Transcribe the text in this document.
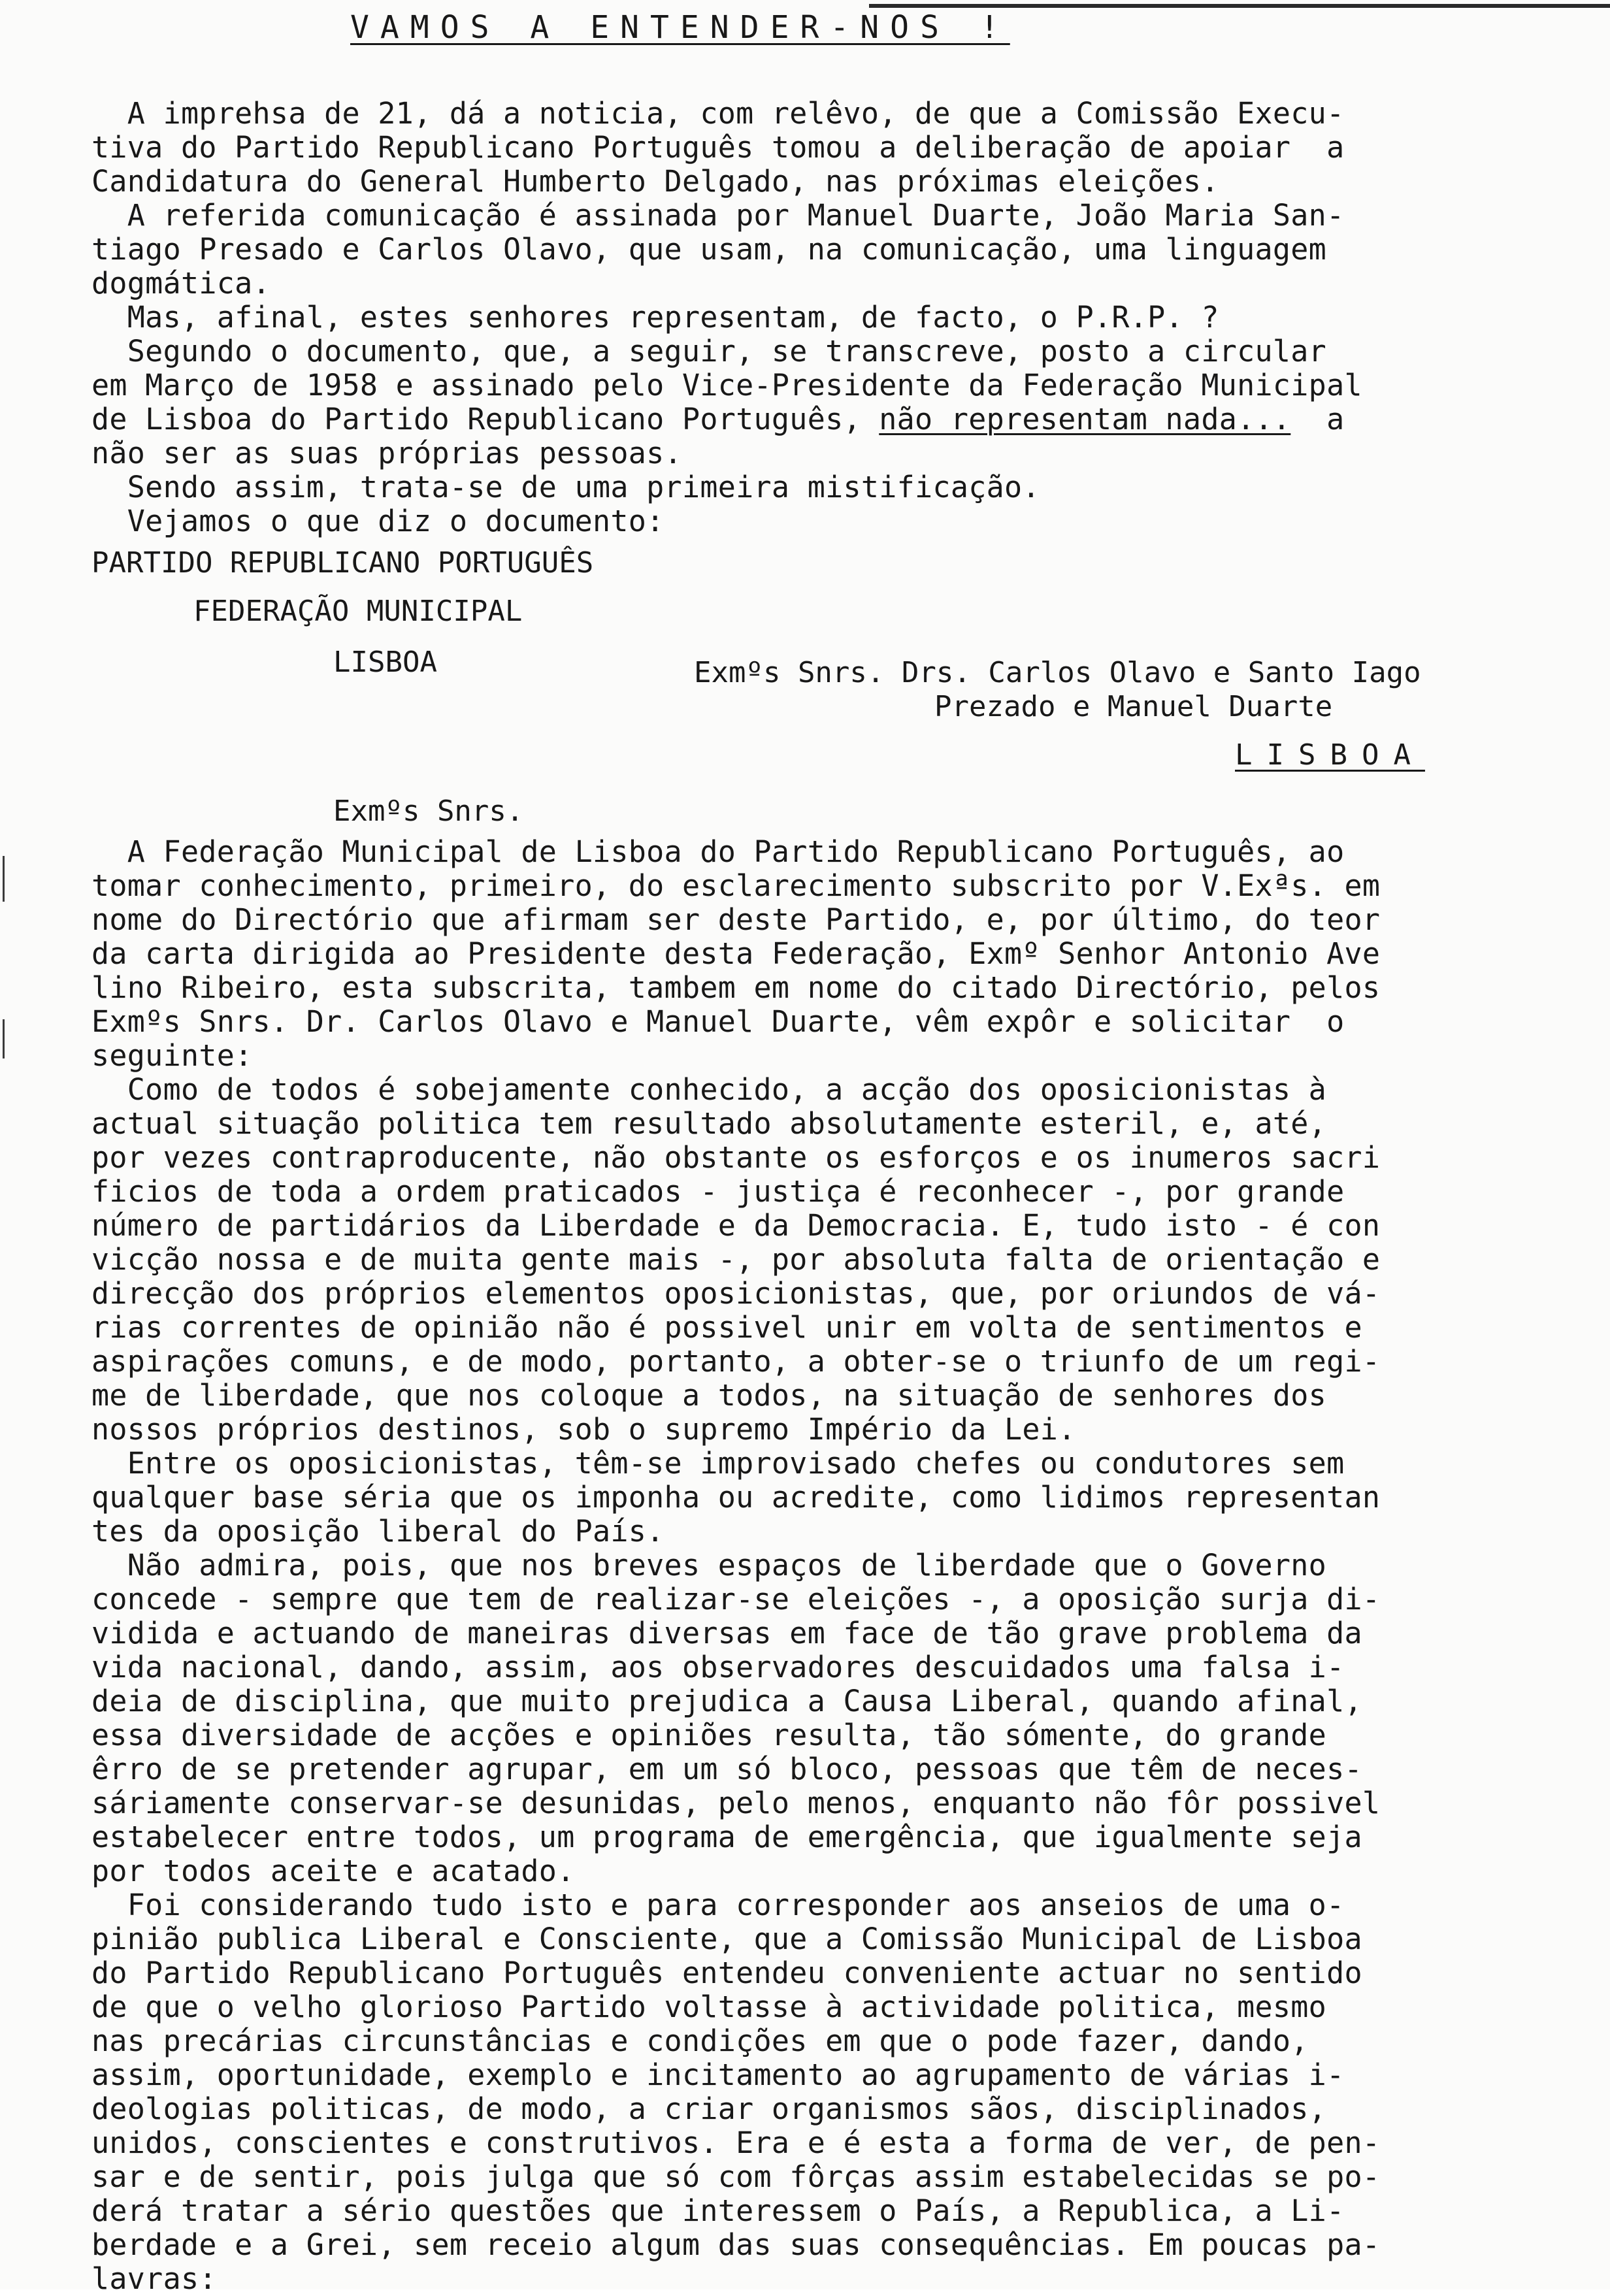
VAMOS A ENTENDER-NOS !
A imprehsa de 21, dá a noticia, com relêvo, de que a Comissão Execu-
tiva do Partido Republicano Português tomou a deliberação de apoiar  a
Candidatura do General Humberto Delgado, nas próximas eleições.
A referida comunicação é assinada por Manuel Duarte, João Maria San-
tiago Presado e Carlos Olavo, que usam, na comunicação, uma linguagem
dogmática.
Mas, afinal, estes senhores representam, de facto, o P.R.P. ?
Segundo o documento, que, a seguir, se transcreve, posto a circular
em Março de 1958 e assinado pelo Vice-Presidente da Federação Municipal
de Lisboa do Partido Republicano Português, não representam nada...  a
não ser as suas próprias pessoas.
Sendo assim, trata-se de uma primeira mistificação.
Vejamos o que diz o documento:
PARTIDO REPUBLICANO PORTUGUÊS
FEDERAÇÃO MUNICIPAL
LISBOA	Exmºs Snrs. Drs. Carlos Olavo e Santo Iago
Prezado e Manuel Duarte
LISBOA
Exmºs Snrs.
A Federação Municipal de Lisboa do Partido Republicano Português, ao
tomar conhecimento, primeiro, do esclarecimento subscrito por V.Exªs. em
nome do Directório que afirmam ser deste Partido, e, por último, do teor
da carta dirigida ao Presidente desta Federação, Exmº Senhor Antonio Ave
lino Ribeiro, esta subscrita, tambem em nome do citado Directório, pelos
Exmºs Snrs. Dr. Carlos Olavo e Manuel Duarte, vêm expôr e solicitar  o
seguinte:
Como de todos é sobejamente conhecido, a acção dos oposicionistas à
actual situação politica tem resultado absolutamente esteril, e, até,
por vezes contraproducente, não obstante os esforços e os inumeros sacri
ficios de toda a ordem praticados - justiça é reconhecer -, por grande
número de partidários da Liberdade e da Democracia. E, tudo isto - é con
vicção nossa e de muita gente mais -, por absoluta falta de orientação e
direcção dos próprios elementos oposicionistas, que, por oriundos de vá-
rias correntes de opinião não é possivel unir em volta de sentimentos e
aspirações comuns, e de modo, portanto, a obter-se o triunfo de um regi-
me de liberdade, que nos coloque a todos, na situação de senhores dos
nossos próprios destinos, sob o supremo Império da Lei.
Entre os oposicionistas, têm-se improvisado chefes ou condutores sem
qualquer base séria que os imponha ou acredite, como lidimos representan
tes da oposição liberal do País.
Não admira, pois, que nos breves espaços de liberdade que o Governo
concede - sempre que tem de realizar-se eleições -, a oposição surja di-
vidida e actuando de maneiras diversas em face de tão grave problema da
vida nacional, dando, assim, aos observadores descuidados uma falsa i-
deia de disciplina, que muito prejudica a Causa Liberal, quando afinal,
essa diversidade de acções e opiniões resulta, tão sómente, do grande
êrro de se pretender agrupar, em um só bloco, pessoas que têm de neces-
sáriamente conservar-se desunidas, pelo menos, enquanto não fôr possivel
estabelecer entre todos, um programa de emergência, que igualmente seja
por todos aceite e acatado.
Foi considerando tudo isto e para corresponder aos anseios de uma o-
pinião publica Liberal e Consciente, que a Comissão Municipal de Lisboa
do Partido Republicano Português entendeu conveniente actuar no sentido
de que o velho glorioso Partido voltasse à actividade politica, mesmo
nas precárias circunstâncias e condições em que o pode fazer, dando,
assim, oportunidade, exemplo e incitamento ao agrupamento de várias i-
deologias politicas, de modo, a criar organismos sãos, disciplinados,
unidos, conscientes e construtivos. Era e é esta a forma de ver, de pen-
sar e de sentir, pois julga que só com fôrças assim estabelecidas se po-
derá tratar a sério questões que interessem o País, a Republica, a Li-
berdade e a Grei, sem receio algum das suas consequências. Em poucas pa-
lavras:
